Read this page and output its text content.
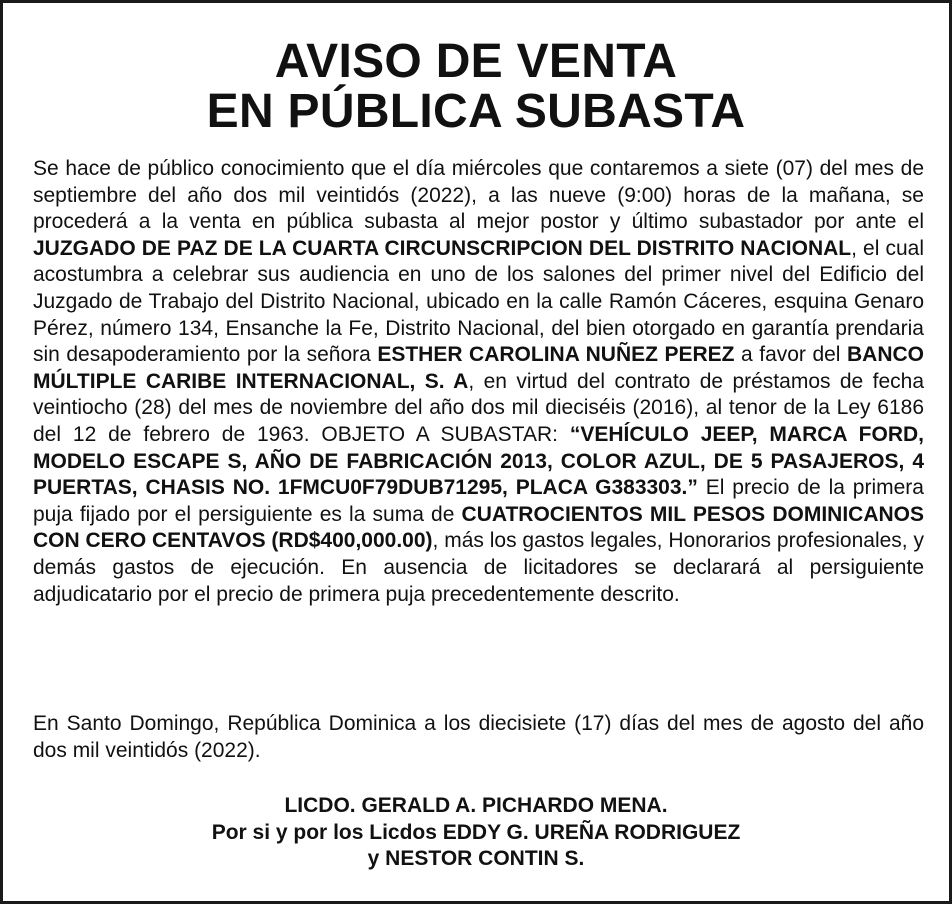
AVISO DE VENTA
EN PÚBLICA SUBASTA

Se hace de público conocimiento que el día miércoles que contaremos a siete (07) del mes de septiembre del año dos mil veintidós (2022), a las nueve (9:00) horas de la mañana, se procederá a la venta en pública subasta al mejor postor y último subastador por ante el JUZGADO DE PAZ DE LA CUARTA CIRCUNSCRIPCION DEL DISTRITO NACIONAL, el cual acostumbra a celebrar sus audiencia en uno de los salones del primer nivel del Edificio del Juzgado de Trabajo del Distrito Nacional, ubicado en la calle Ramón Cáceres, esquina Genaro Pérez, número 134, Ensanche la Fe, Distrito Nacional, del bien otorgado en garantía prendaria sin desapoderamiento por la señora ESTHER CAROLINA NUÑEZ PEREZ a favor del BANCO MÚLTIPLE CARIBE INTERNACIONAL, S. A, en virtud del contrato de préstamos de fecha veintiocho (28) del mes de noviembre del año dos mil dieciséis (2016), al tenor de la Ley 6186 del 12 de febrero de 1963. OBJETO A SUBASTAR: “VEHÍCULO JEEP, MARCA FORD, MODELO ESCAPE S, AÑO DE FABRICACIÓN 2013, COLOR AZUL, DE 5 PASAJEROS, 4 PUERTAS, CHASIS NO. 1FMCU0F79DUB71295, PLACA G383303.” El precio de la primera puja fijado por el persiguiente es la suma de CUATROCIENTOS MIL PESOS DOMINICANOS CON CERO CENTAVOS (RD$400,000.00), más los gastos legales, Honorarios profesionales, y demás gastos de ejecución. En ausencia de licitadores se declarará al persiguiente adjudicatario por el precio de primera puja precedentemente descrito.

En Santo Domingo, República Dominica a los diecisiete (17) días del mes de agosto del año dos mil veintidós (2022).

LICDO. GERALD A. PICHARDO MENA.
Por si y por los Licdos EDDY G. UREÑA RODRIGUEZ
y NESTOR CONTIN S.
